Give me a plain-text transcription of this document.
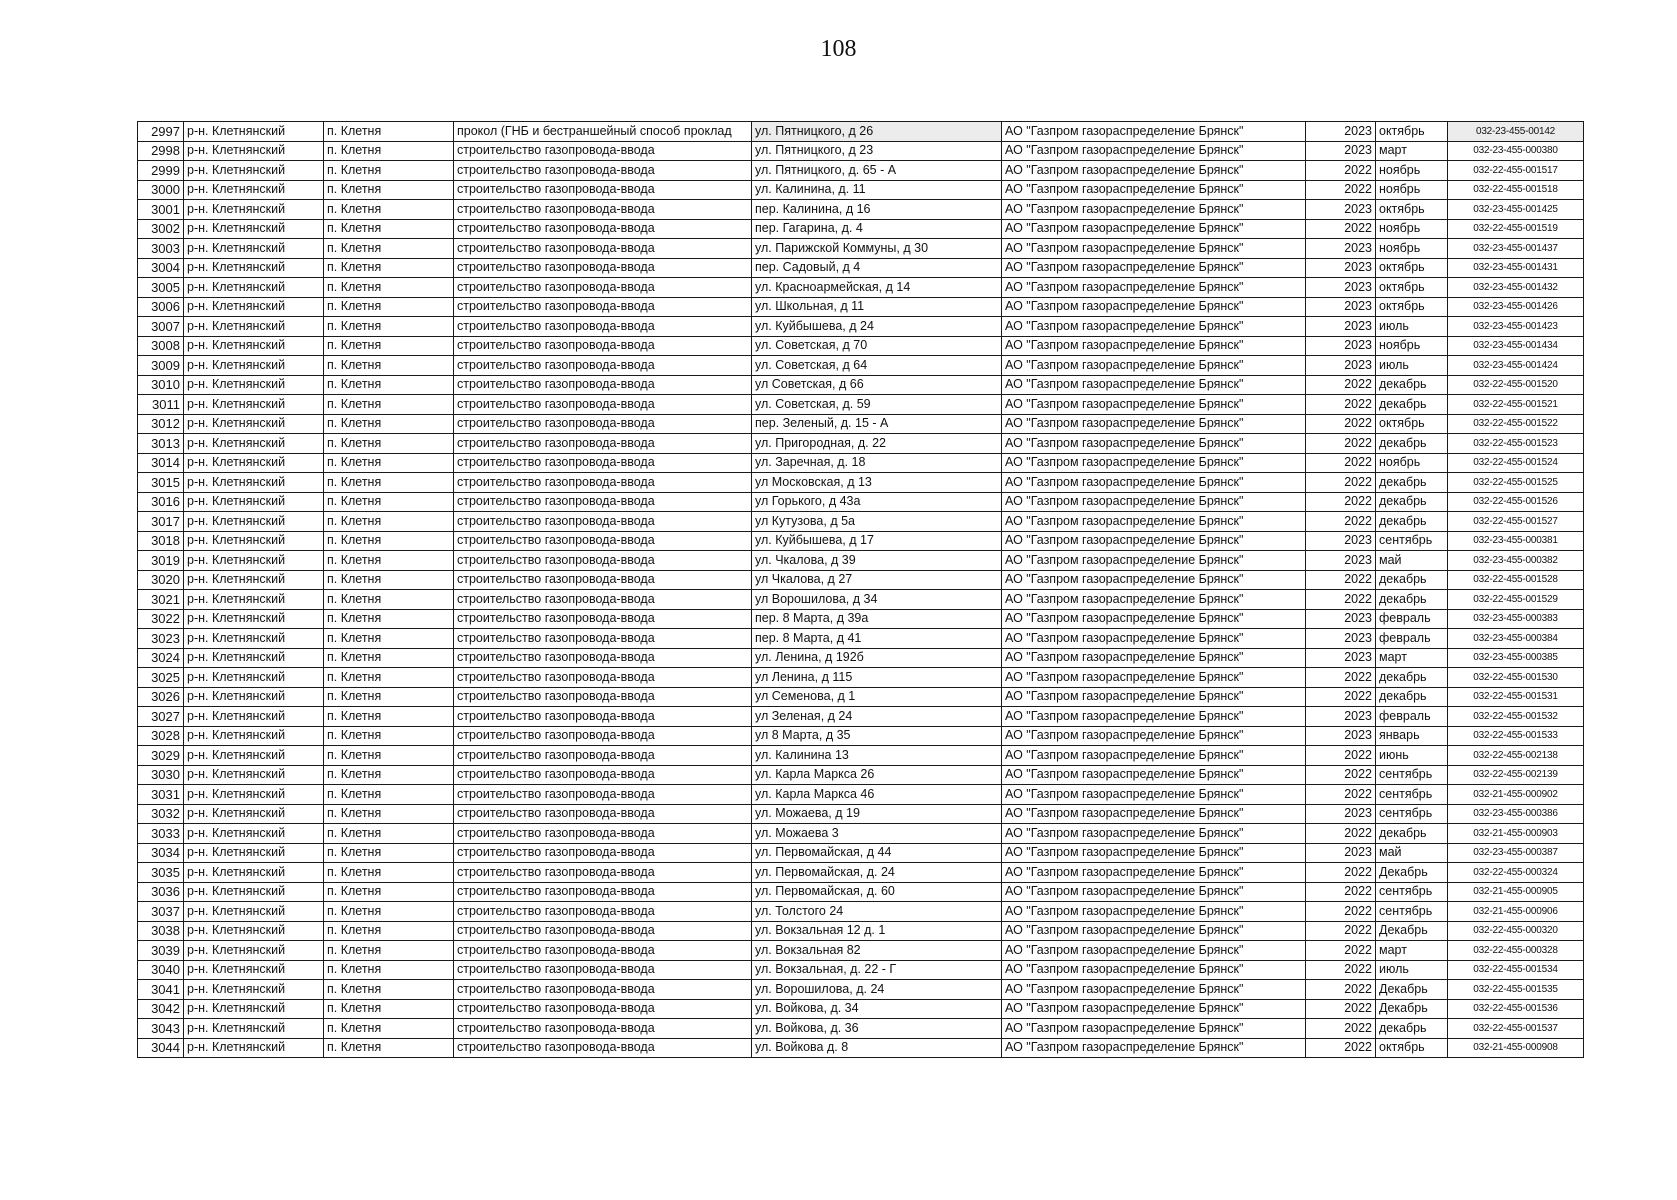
108
2997	р-н. Клетнянский	п. Клетня	прокол (ГНБ и бестраншейный способ проклад	ул. Пятницкого, д 26	АО "Газпром газораспределение Брянск"	2023	октябрь	032-23-455-00142
2998	р-н. Клетнянский	п. Клетня	строительство газопровода-ввода	ул. Пятницкого, д 23	АО "Газпром газораспределение Брянск"	2023	март	032-23-455-000380
2999	р-н. Клетнянский	п. Клетня	строительство газопровода-ввода	ул. Пятницкого, д. 65 - А	АО "Газпром газораспределение Брянск"	2022	ноябрь	032-22-455-001517
3000	р-н. Клетнянский	п. Клетня	строительство газопровода-ввода	ул. Калинина, д. 11	АО "Газпром газораспределение Брянск"	2022	ноябрь	032-22-455-001518
3001	р-н. Клетнянский	п. Клетня	строительство газопровода-ввода	пер. Калинина, д 16	АО "Газпром газораспределение Брянск"	2023	октябрь	032-23-455-001425
3002	р-н. Клетнянский	п. Клетня	строительство газопровода-ввода	пер. Гагарина, д. 4	АО "Газпром газораспределение Брянск"	2022	ноябрь	032-22-455-001519
3003	р-н. Клетнянский	п. Клетня	строительство газопровода-ввода	ул. Парижской Коммуны, д 30	АО "Газпром газораспределение Брянск"	2023	ноябрь	032-23-455-001437
3004	р-н. Клетнянский	п. Клетня	строительство газопровода-ввода	пер. Садовый, д 4	АО "Газпром газораспределение Брянск"	2023	октябрь	032-23-455-001431
3005	р-н. Клетнянский	п. Клетня	строительство газопровода-ввода	ул. Красноармейская, д 14	АО "Газпром газораспределение Брянск"	2023	октябрь	032-23-455-001432
3006	р-н. Клетнянский	п. Клетня	строительство газопровода-ввода	ул. Школьная, д 11	АО "Газпром газораспределение Брянск"	2023	октябрь	032-23-455-001426
3007	р-н. Клетнянский	п. Клетня	строительство газопровода-ввода	ул. Куйбышева, д 24	АО "Газпром газораспределение Брянск"	2023	июль	032-23-455-001423
3008	р-н. Клетнянский	п. Клетня	строительство газопровода-ввода	ул. Советская, д 70	АО "Газпром газораспределение Брянск"	2023	ноябрь	032-23-455-001434
3009	р-н. Клетнянский	п. Клетня	строительство газопровода-ввода	ул. Советская, д 64	АО "Газпром газораспределение Брянск"	2023	июль	032-23-455-001424
3010	р-н. Клетнянский	п. Клетня	строительство газопровода-ввода	ул Советская, д 66	АО "Газпром газораспределение Брянск"	2022	декабрь	032-22-455-001520
3011	р-н. Клетнянский	п. Клетня	строительство газопровода-ввода	ул. Советская, д. 59	АО "Газпром газораспределение Брянск"	2022	декабрь	032-22-455-001521
3012	р-н. Клетнянский	п. Клетня	строительство газопровода-ввода	пер. Зеленый, д. 15 - А	АО "Газпром газораспределение Брянск"	2022	октябрь	032-22-455-001522
3013	р-н. Клетнянский	п. Клетня	строительство газопровода-ввода	ул. Пригородная, д. 22	АО "Газпром газораспределение Брянск"	2022	декабрь	032-22-455-001523
3014	р-н. Клетнянский	п. Клетня	строительство газопровода-ввода	ул. Заречная, д. 18	АО "Газпром газораспределение Брянск"	2022	ноябрь	032-22-455-001524
3015	р-н. Клетнянский	п. Клетня	строительство газопровода-ввода	ул Московская, д 13	АО "Газпром газораспределение Брянск"	2022	декабрь	032-22-455-001525
3016	р-н. Клетнянский	п. Клетня	строительство газопровода-ввода	ул Горького, д 43а	АО "Газпром газораспределение Брянск"	2022	декабрь	032-22-455-001526
3017	р-н. Клетнянский	п. Клетня	строительство газопровода-ввода	ул Кутузова, д 5а	АО "Газпром газораспределение Брянск"	2022	декабрь	032-22-455-001527
3018	р-н. Клетнянский	п. Клетня	строительство газопровода-ввода	ул. Куйбышева, д 17	АО "Газпром газораспределение Брянск"	2023	сентябрь	032-23-455-000381
3019	р-н. Клетнянский	п. Клетня	строительство газопровода-ввода	ул. Чкалова, д 39	АО "Газпром газораспределение Брянск"	2023	май	032-23-455-000382
3020	р-н. Клетнянский	п. Клетня	строительство газопровода-ввода	ул Чкалова, д 27	АО "Газпром газораспределение Брянск"	2022	декабрь	032-22-455-001528
3021	р-н. Клетнянский	п. Клетня	строительство газопровода-ввода	ул Ворошилова, д 34	АО "Газпром газораспределение Брянск"	2022	декабрь	032-22-455-001529
3022	р-н. Клетнянский	п. Клетня	строительство газопровода-ввода	пер. 8 Марта, д 39а	АО "Газпром газораспределение Брянск"	2023	февраль	032-23-455-000383
3023	р-н. Клетнянский	п. Клетня	строительство газопровода-ввода	пер. 8 Марта, д 41	АО "Газпром газораспределение Брянск"	2023	февраль	032-23-455-000384
3024	р-н. Клетнянский	п. Клетня	строительство газопровода-ввода	ул. Ленина, д 192б	АО "Газпром газораспределение Брянск"	2023	март	032-23-455-000385
3025	р-н. Клетнянский	п. Клетня	строительство газопровода-ввода	ул Ленина, д 115	АО "Газпром газораспределение Брянск"	2022	декабрь	032-22-455-001530
3026	р-н. Клетнянский	п. Клетня	строительство газопровода-ввода	ул Семенова, д 1	АО "Газпром газораспределение Брянск"	2022	декабрь	032-22-455-001531
3027	р-н. Клетнянский	п. Клетня	строительство газопровода-ввода	ул Зеленая, д 24	АО "Газпром газораспределение Брянск"	2023	февраль	032-22-455-001532
3028	р-н. Клетнянский	п. Клетня	строительство газопровода-ввода	ул 8 Марта, д 35	АО "Газпром газораспределение Брянск"	2023	январь	032-22-455-001533
3029	р-н. Клетнянский	п. Клетня	строительство газопровода-ввода	ул. Калинина 13	АО "Газпром газораспределение Брянск"	2022	июнь	032-22-455-002138
3030	р-н. Клетнянский	п. Клетня	строительство газопровода-ввода	ул. Карла Маркса 26	АО "Газпром газораспределение Брянск"	2022	сентябрь	032-22-455-002139
3031	р-н. Клетнянский	п. Клетня	строительство газопровода-ввода	ул. Карла Маркса 46	АО "Газпром газораспределение Брянск"	2022	сентябрь	032-21-455-000902
3032	р-н. Клетнянский	п. Клетня	строительство газопровода-ввода	ул. Можаева, д 19	АО "Газпром газораспределение Брянск"	2023	сентябрь	032-23-455-000386
3033	р-н. Клетнянский	п. Клетня	строительство газопровода-ввода	ул. Можаева 3	АО "Газпром газораспределение Брянск"	2022	декабрь	032-21-455-000903
3034	р-н. Клетнянский	п. Клетня	строительство газопровода-ввода	ул. Первомайская, д 44	АО "Газпром газораспределение Брянск"	2023	май	032-23-455-000387
3035	р-н. Клетнянский	п. Клетня	строительство газопровода-ввода	ул. Первомайская, д. 24	АО "Газпром газораспределение Брянск"	2022	Декабрь	032-22-455-000324
3036	р-н. Клетнянский	п. Клетня	строительство газопровода-ввода	ул. Первомайская, д. 60	АО "Газпром газораспределение Брянск"	2022	сентябрь	032-21-455-000905
3037	р-н. Клетнянский	п. Клетня	строительство газопровода-ввода	ул. Толстого 24	АО "Газпром газораспределение Брянск"	2022	сентябрь	032-21-455-000906
3038	р-н. Клетнянский	п. Клетня	строительство газопровода-ввода	ул. Вокзальная 12 д. 1	АО "Газпром газораспределение Брянск"	2022	Декабрь	032-22-455-000320
3039	р-н. Клетнянский	п. Клетня	строительство газопровода-ввода	ул. Вокзальная 82	АО "Газпром газораспределение Брянск"	2022	март	032-22-455-000328
3040	р-н. Клетнянский	п. Клетня	строительство газопровода-ввода	ул. Вокзальная, д. 22 - Г	АО "Газпром газораспределение Брянск"	2022	июль	032-22-455-001534
3041	р-н. Клетнянский	п. Клетня	строительство газопровода-ввода	ул. Ворошилова, д. 24	АО "Газпром газораспределение Брянск"	2022	Декабрь	032-22-455-001535
3042	р-н. Клетнянский	п. Клетня	строительство газопровода-ввода	ул. Войкова, д. 34	АО "Газпром газораспределение Брянск"	2022	Декабрь	032-22-455-001536
3043	р-н. Клетнянский	п. Клетня	строительство газопровода-ввода	ул. Войкова, д. 36	АО "Газпром газораспределение Брянск"	2022	декабрь	032-22-455-001537
3044	р-н. Клетнянский	п. Клетня	строительство газопровода-ввода	ул. Войкова д. 8	АО "Газпром газораспределение Брянск"	2022	октябрь	032-21-455-000908
